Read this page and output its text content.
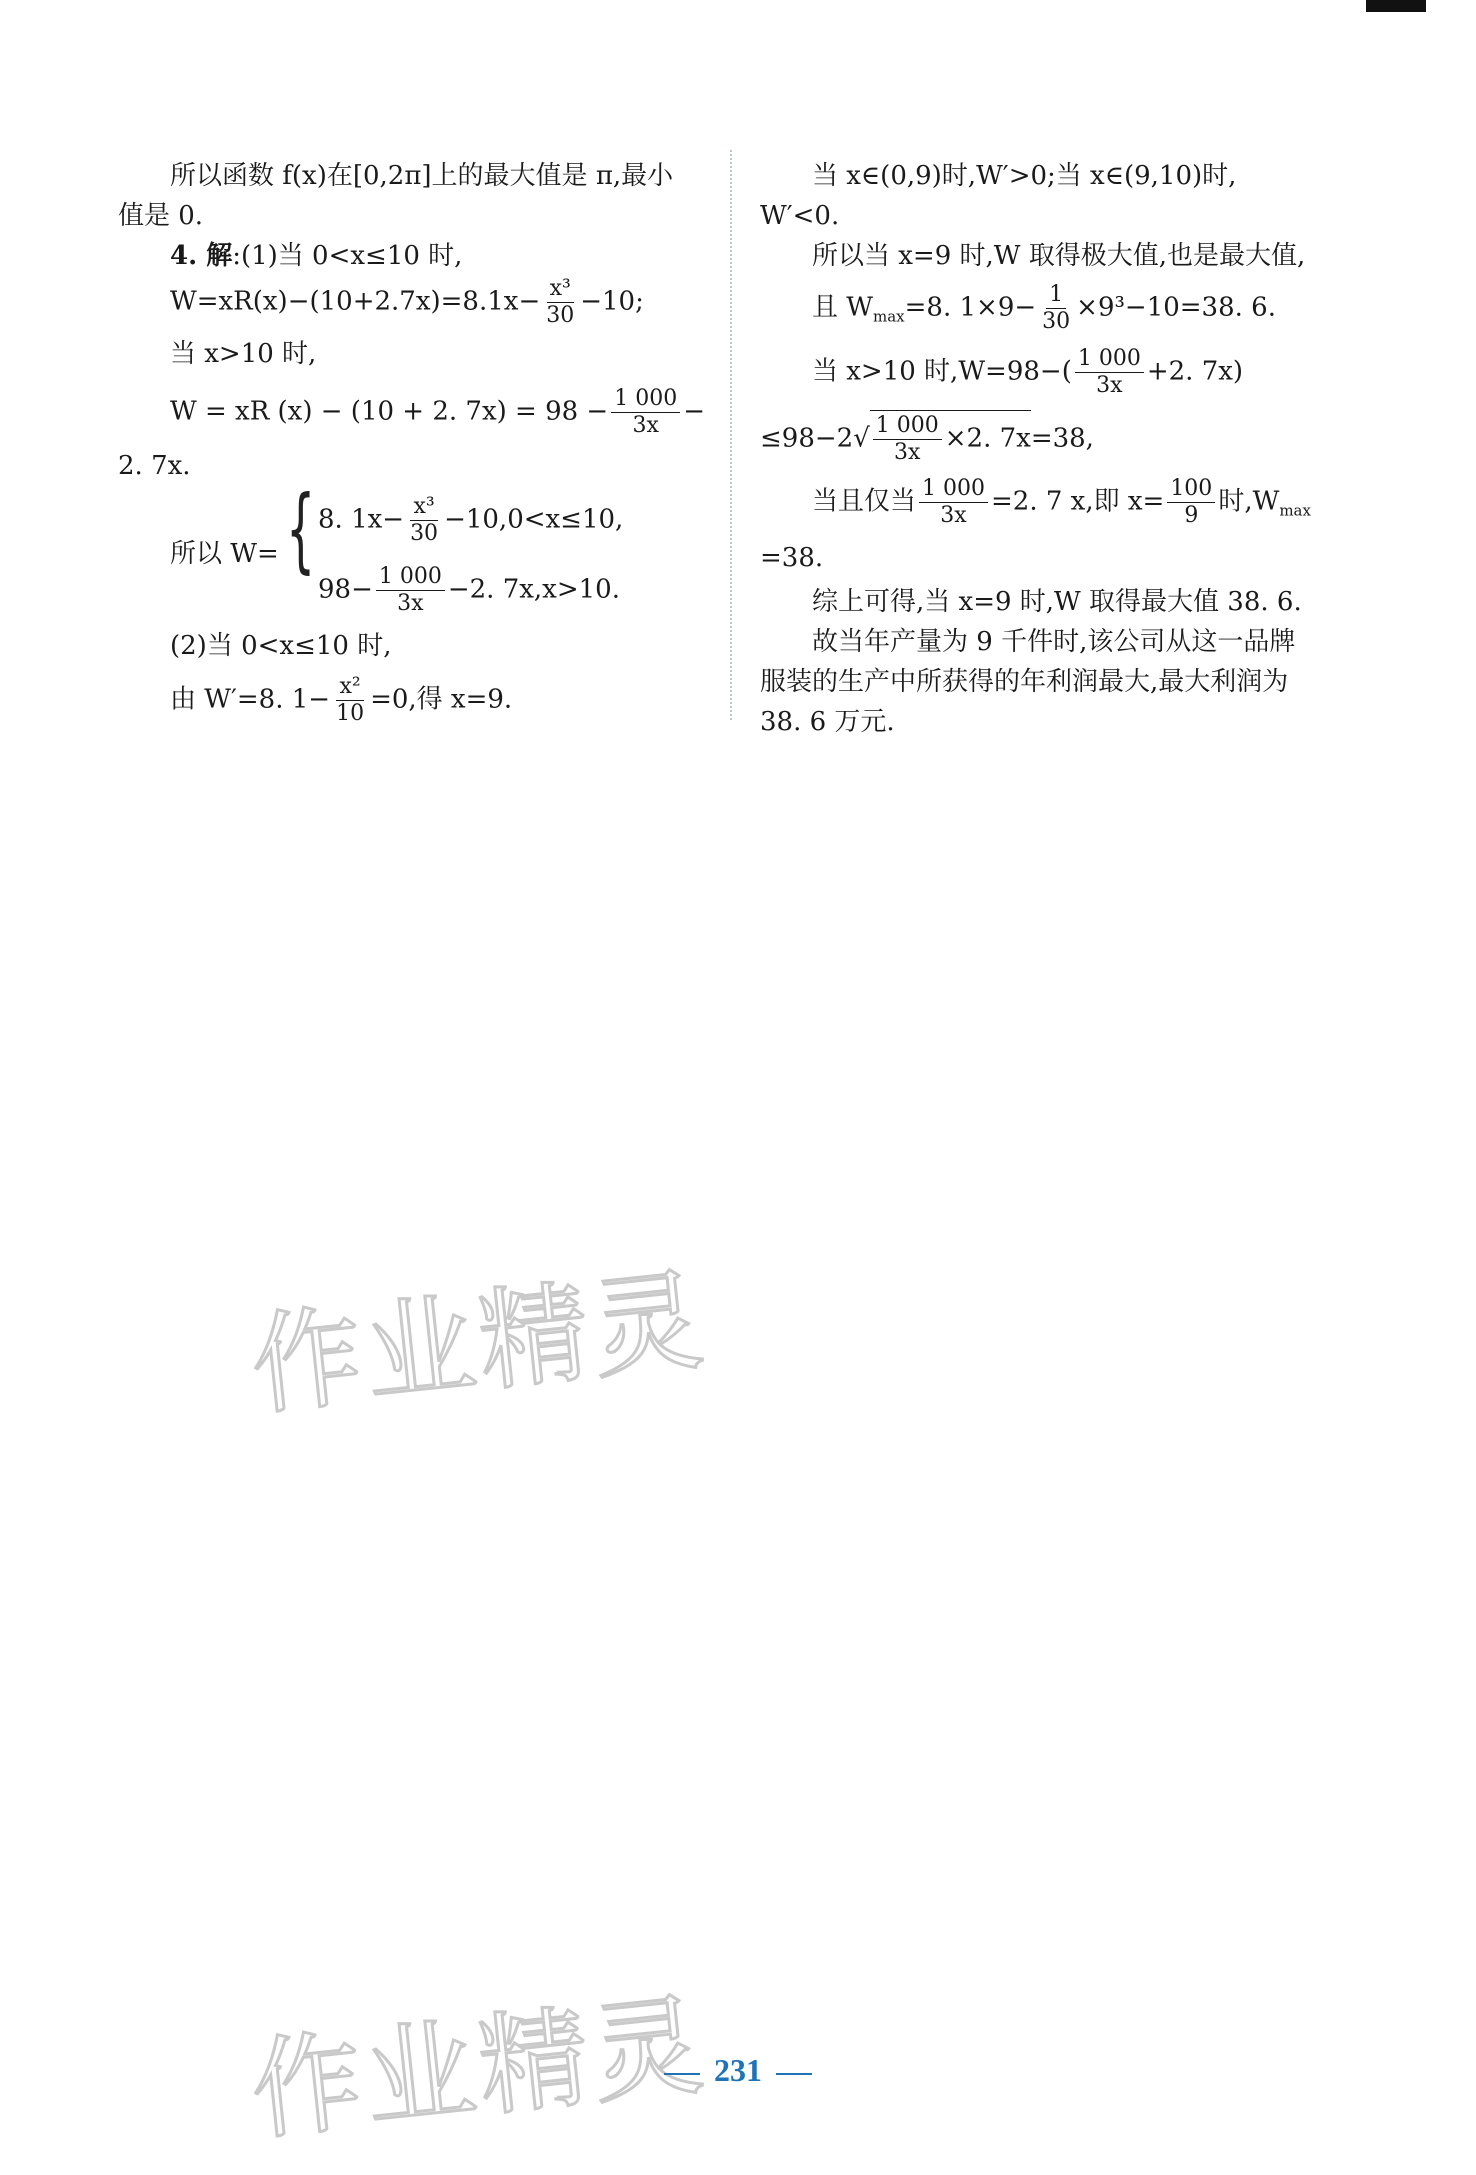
所以函数 f(x)在[0,2π]上的最大值是 π,最小
值是 0.
4. 解:(1)当 0<x≤10 时,
$W=xR(x)-(10+2.7x)=8.1x- \frac{\text{x³}}{30} -10$;
当 x>10 时,
W = xR (x) − (10 + 2. $7x) = 98 - \frac{1 000}{3x}$ −
2. 7x.
所以 W= { 8. $1x- \frac{\text{x³}}{30} -10,0<x\le 10$,
$98- \frac{1 000}{3x} -2$. 7x,x>10.
(2)当 0<x≤10 时,
由 W′=8. $1- \frac{\text{x²}}{10} =0$,得 x=9.
当 x∈(0,9)时,W′>0;当 x∈(9,10)时,
W′<0.
所以当 x=9 时,W 取得极大值,也是最大值,
且 $W_{max}=8$. $1\times 9- \frac{1}{30} \times 9^3-10=38$. 6.
当 x>10 时$,W=98-( \frac{1 000}{3x} +2$. 7x)
$\le 98-2√ \frac{1 000}{3x} \times 2$. 7x=38,
当且仅当 $\frac{1 000}{3x} =2$. 7 x,即 $x= \frac{100}{9}$ 时$,W_{max}$
=38.
综上可得,当 x=9 时,W 取得最大值 38. 6.
故当年产量为 9 千件时,该公司从这一品牌
服装的生产中所获得的年利润最大,最大利润为
38. 6 万元.
作业精灵
作业精灵 231
